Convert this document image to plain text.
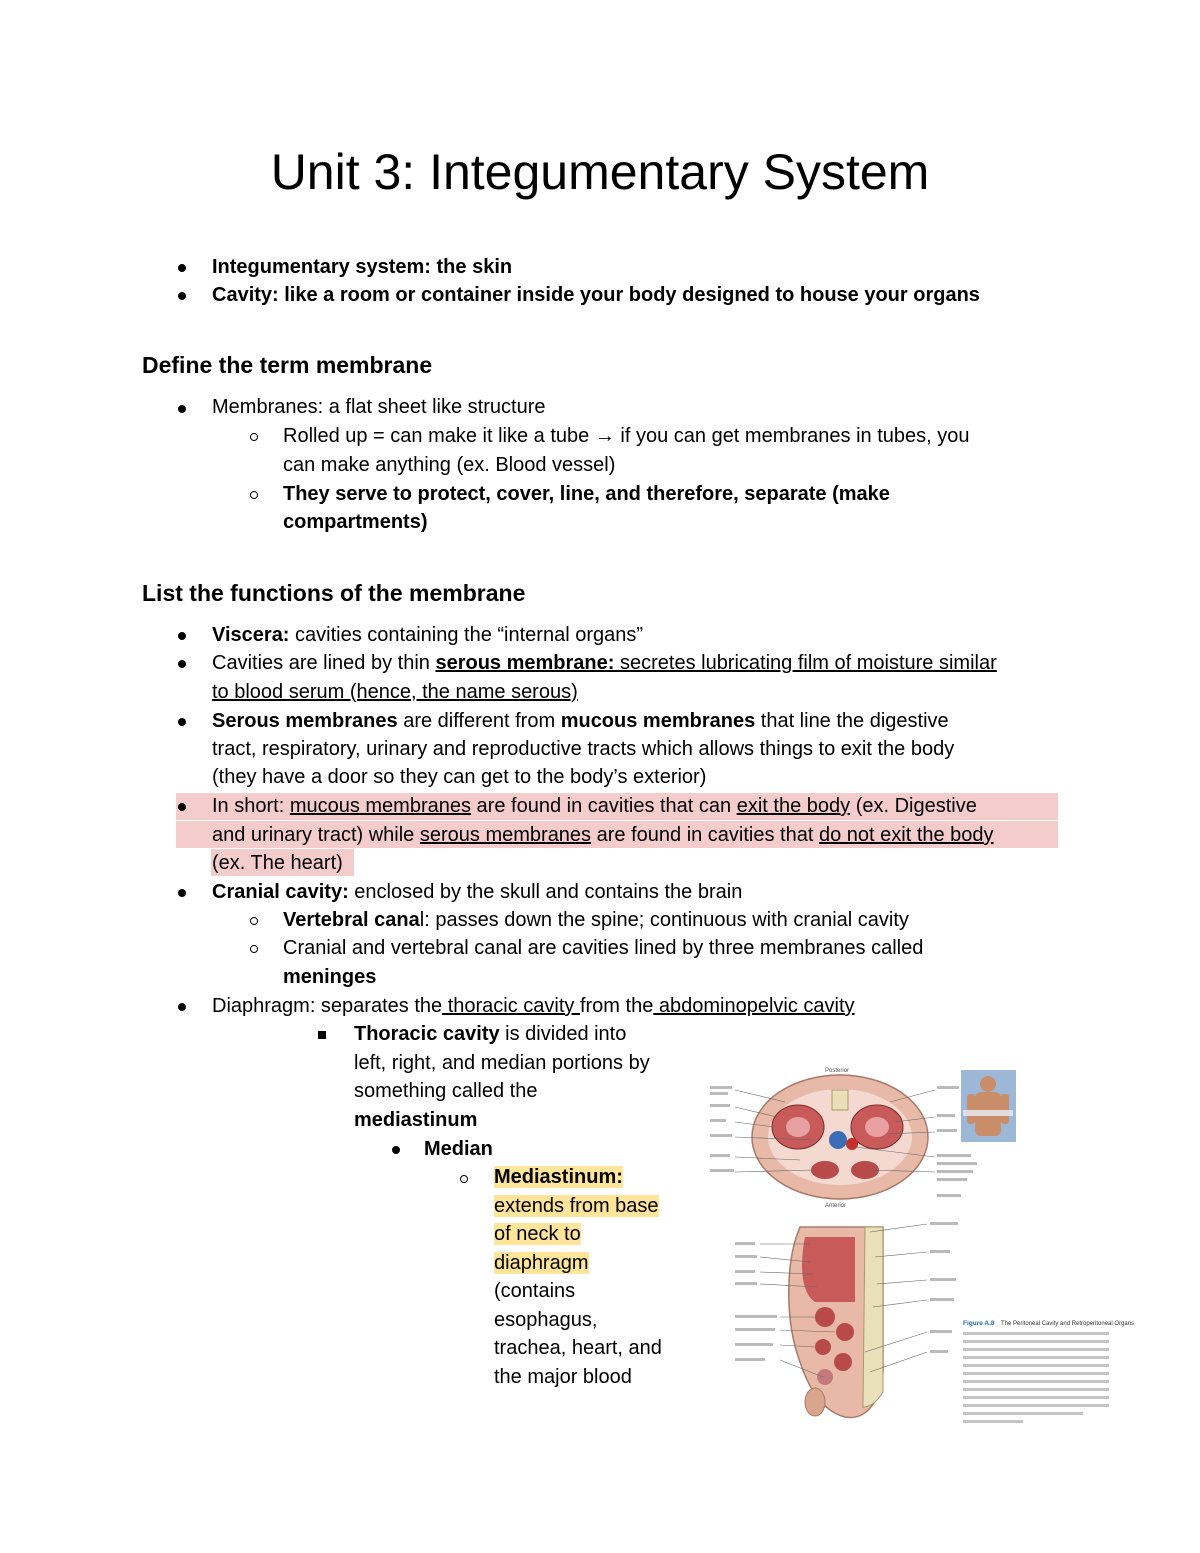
Unit 3: Integumentary System
Integumentary system: the skin
Cavity: like a room or container inside your body designed to house your organs
Define the term membrane
Membranes: a flat sheet like structure
Rolled up = can make it like a tube → if you can get membranes in tubes, you
can make anything (ex. Blood vessel)
They serve to protect, cover, line, and therefore, separate (make
compartments)
List the functions of the membrane
Viscera: cavities containing the “internal organs”
Cavities are lined by thin serous membrane: secretes lubricating film of moisture similar
to blood serum (hence, the name serous)
Serous membranes are different from mucous membranes that line the digestive
tract, respiratory, urinary and reproductive tracts which allows things to exit the body
(they have a door so they can get to the body’s exterior)
In short: mucous membranes are found in cavities that can exit the body (ex. Digestive
and urinary tract) while serous membranes are found in cavities that do not exit the body
(ex. The heart)
Cranial cavity: enclosed by the skull and contains the brain
Vertebral canal: passes down the spine; continuous with cranial cavity
Cranial and vertebral canal are cavities lined by three membranes called
meninges
Diaphragm: separates the thoracic cavity from the abdominopelvic cavity
Thoracic cavity is divided into
left, right, and median portions by
something called the
mediastinum
Median
Mediastinum:
extends from base
of neck to
diaphragm
(contains
esophagus,
trachea, heart, and
the major blood
Posterior
Anterior
Figure A.8 The Peritoneal Cavity and Retroperitoneal Organs
